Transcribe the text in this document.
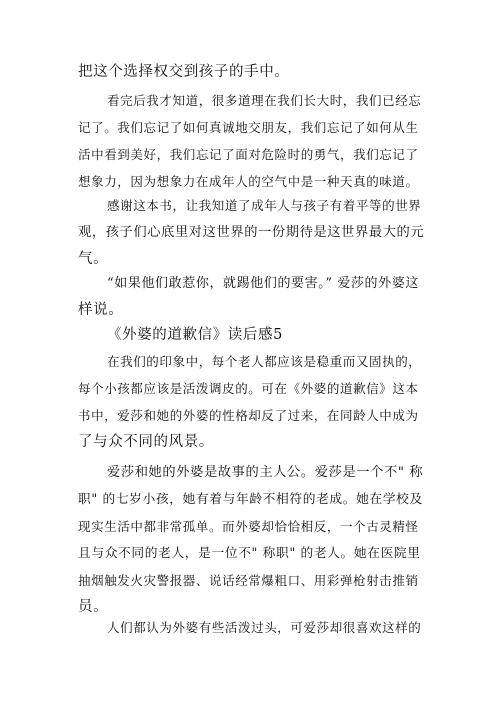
把这个选择权交到孩子的手中。
看完后我才知道，很多道理在我们长大时，我们已经忘
记了。我们忘记了如何真诚地交朋友，我们忘记了如何从生
活中看到美好，我们忘记了面对危险时的勇气，我们忘记了
想象力，因为想象力在成年人的空气中是一种天真的味道。
感谢这本书，让我知道了成年人与孩子有着平等的世界
观，孩子们心底里对这世界的一份期待是这世界最大的元
气。
“如果他们敢惹你，就踢他们的要害。” 爱莎的外婆这
样说。
《外婆的道歉信》读后感5
在我们的印象中，每个老人都应该是稳重而又固执的，
每个小孩都应该是活泼调皮的。可在《外婆的道歉信》这本
书中，爱莎和她的外婆的性格却反了过来，在同龄人中成为
了与众不同的风景。
爱莎和她的外婆是故事的主人公。爱莎是一个不" 称
职" 的七岁小孩，她有着与年龄不相符的老成。她在学校及
现实生活中都非常孤单。而外婆却恰恰相反，一个古灵精怪
且与众不同的老人，是一位不" 称职" 的老人。她在医院里
抽烟触发火灾警报器、说话经常爆粗口、用彩弹枪射击推销
员。
人们都认为外婆有些活泼过头，可爱莎却很喜欢这样的
